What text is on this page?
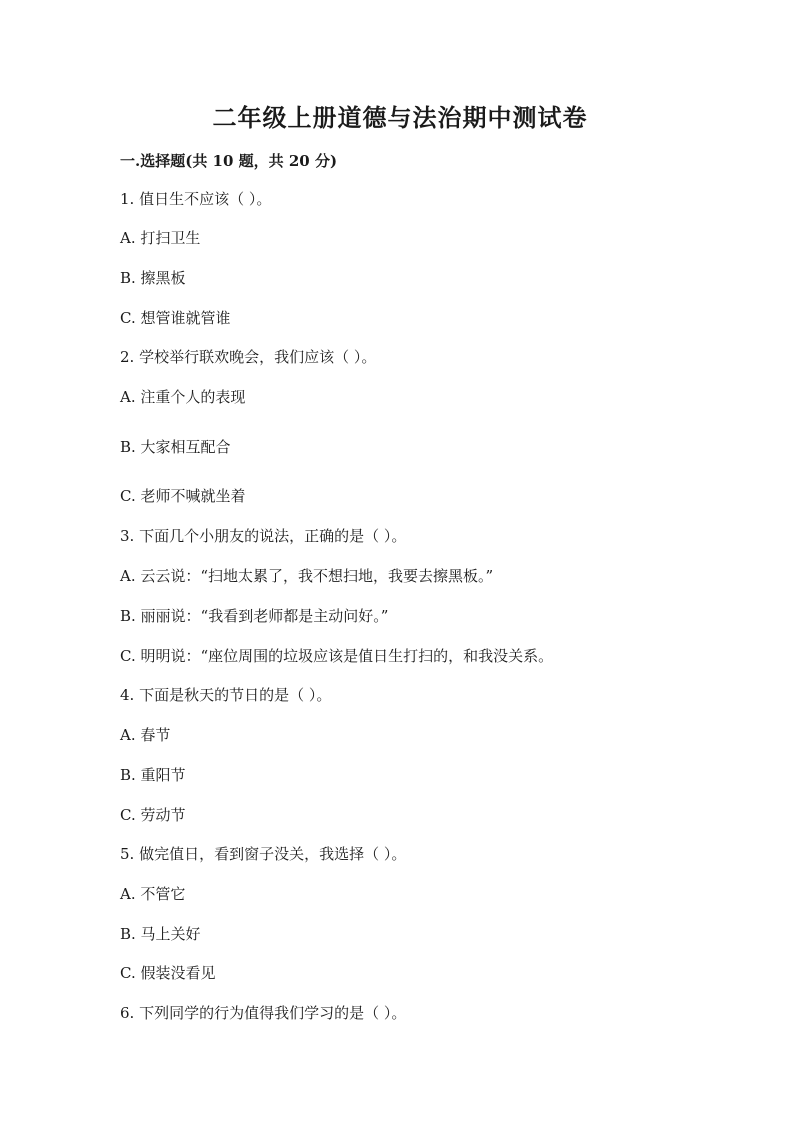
二年级上册道德与法治期中测试卷
一.选择题(共 10 题，共 20 分)
1. 值日生不应该（ ）。
A. 打扫卫生
B. 擦黑板
C. 想管谁就管谁
2. 学校举行联欢晚会，我们应该（ ）。
A. 注重个人的表现
B. 大家相互配合
C. 老师不喊就坐着
3. 下面几个小朋友的说法，正确的是（ ）。
A. 云云说：“扫地太累了，我不想扫地，我要去擦黑板。”
B. 丽丽说：“我看到老师都是主动问好。”
C. 明明说：“座位周围的垃圾应该是值日生打扫的，和我没关系。
4. 下面是秋天的节日的是（ ）。
A. 春节
B. 重阳节
C. 劳动节
5. 做完值日，看到窗子没关，我选择（ ）。
A. 不管它
B. 马上关好
C. 假装没看见
6. 下列同学的行为值得我们学习的是（ ）。
